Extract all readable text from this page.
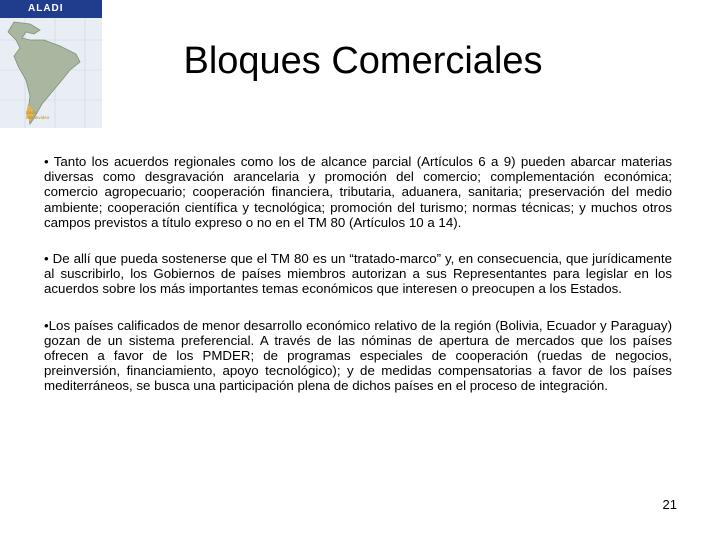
ALADI
Sede
Montevideo
Bloques Comerciales

• Tanto los acuerdos regionales como los de alcance parcial (Artículos 6 a 9) pueden abarcar materias diversas como desgravación arancelaria y promoción del comercio; complementación económica; comercio agropecuario; cooperación financiera, tributaria, aduanera, sanitaria; preservación del medio ambiente; cooperación científica y tecnológica; promoción del turismo; normas técnicas; y muchos otros campos previstos a título expreso o no en el TM 80 (Artículos 10 a 14).

• De allí que pueda sostenerse que el TM 80 es un “tratado-marco” y, en consecuencia, que jurídicamente al suscribirlo, los Gobiernos de países miembros autorizan a sus Representantes para legislar en los acuerdos sobre los más importantes temas económicos que interesen o preocupen a los Estados.

•Los países calificados de menor desarrollo económico relativo de la región (Bolivia, Ecuador y Paraguay) gozan de un sistema preferencial. A través de las nóminas de apertura de mercados que los países ofrecen a favor de los PMDER; de programas especiales de cooperación (ruedas de negocios, preinversión, financiamiento, apoyo tecnológico); y de medidas compensatorias a favor de los países mediterráneos, se busca una participación plena de dichos países en el proceso de integración.

21
